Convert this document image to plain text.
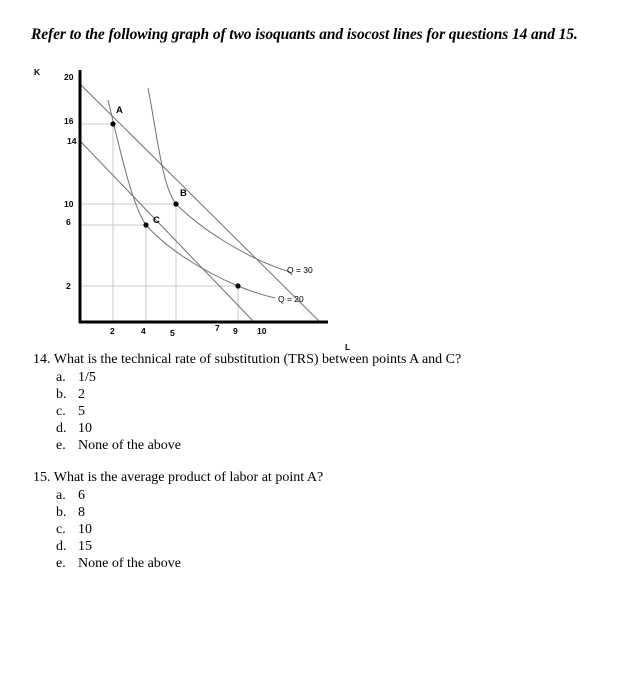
Refer to the following graph of two isoquants and isocost lines for questions 14 and 15.
K
L
20
16
14
10
6
2
2	4	5	7 9 10
A
B
C
Q = 30
Q = 20
14. What is the technical rate of substitution (TRS) between points A and C?
a. 1/5
b. 2
c. 5
d. 10
e. None of the above
15. What is the average product of labor at point A?
a. 6
b. 8
c. 10
d. 15
e. None of the above
